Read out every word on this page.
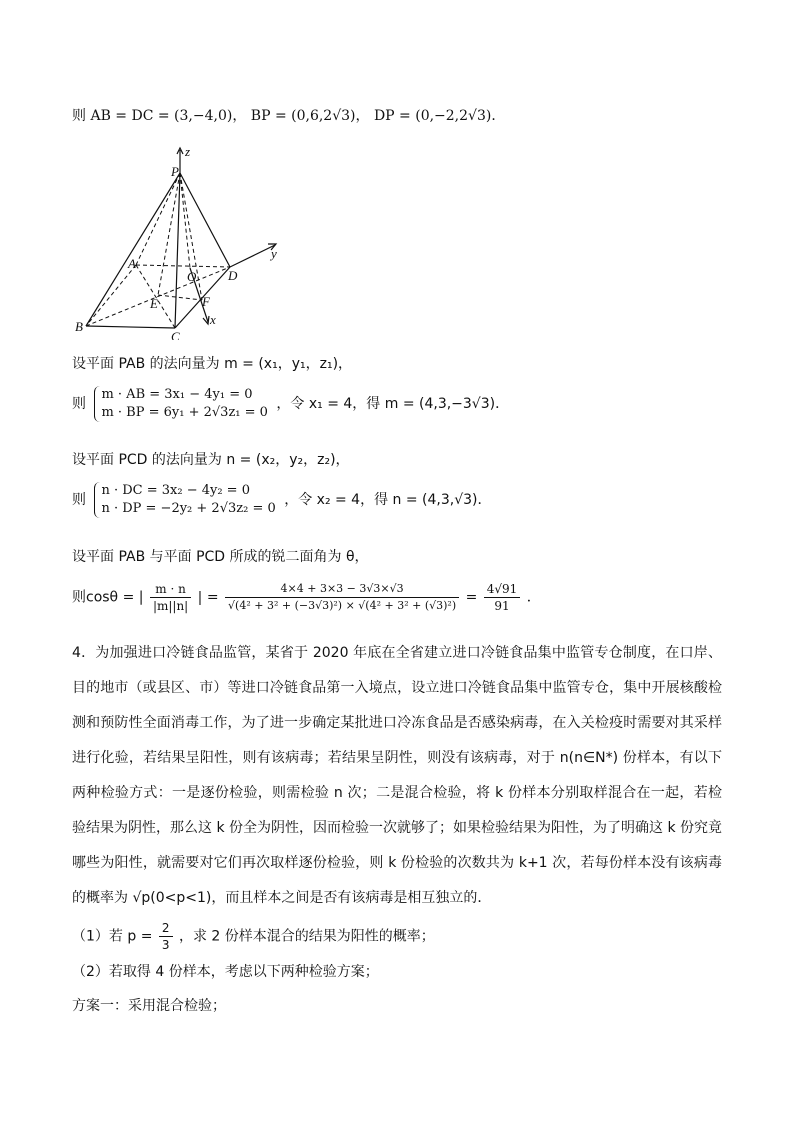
则 AB = DC = (3,−4,0)， BP = (0,6,2√3)， DP = (0,−2,2√3)．
P
z
y
A
O D
E	F
x
B
C
设平面 PAB 的法向量为 m = (x₁，y₁，z₁)，
则
m · AB = 3x₁ − 4y₁ = 0
m · BP = 6y₁ + 2√3z₁ = 0
，令 x₁ = 4，得 m = (4,3,−3√3)．
设平面 PCD 的法向量为 n = (x₂，y₂，z₂)，
则
n · DC = 3x₂ − 4y₂ = 0
n · DP = −2y₂ + 2√3z₂ = 0
，令 x₂ = 4，得 n = (4,3,√3)．
设平面 PAB 与平面 PCD 所成的锐二面角为 θ，
则cosθ = | $\frac{m \cdot n}{|m||n|}$ | = $\frac{4\times 4 + 3\times 3 - 3√3\times√3}{\text{√(4² + 3² + (−3√3)²) × √(4² + 3² + (√3)²)}} = \frac{4√91}{91}$ ．
4．为加强进口冷链食品监管，某省于 2020 年底在全省建立进口冷链食品集中监管专仓制度，在口岸、目的地市（或县区、市）等进口冷链食品第一入境点，设立进口冷链食品集中监管专仓，集中开展核酸检测和预防性全面消毒工作，为了进一步确定某批进口冷冻食品是否感染病毒，在入关检疫时需要对其采样进行化验，若结果呈阳性，则有该病毒；若结果呈阴性，则没有该病毒，对于 n(n∈N*) 份样本，有以下两种检验方式：一是逐份检验，则需检验 n 次；二是混合检验，将 k 份样本分别取样混合在一起，若检验结果为阴性，那么这 k 份全为阴性，因而检验一次就够了；如果检验结果为阳性，为了明确这 k 份究竟哪些为阳性，就需要对它们再次取样逐份检验，则 k 份检验的次数共为 k+1 次，若每份样本没有该病毒的概率为 √p(0<p<1)，而且样本之间是否有该病毒是相互独立的．
（1）若 $p = \frac{2}{3}$ ，求 2 份样本混合的结果为阳性的概率；
（2）若取得 4 份样本，考虑以下两种检验方案；
方案一：采用混合检验；
